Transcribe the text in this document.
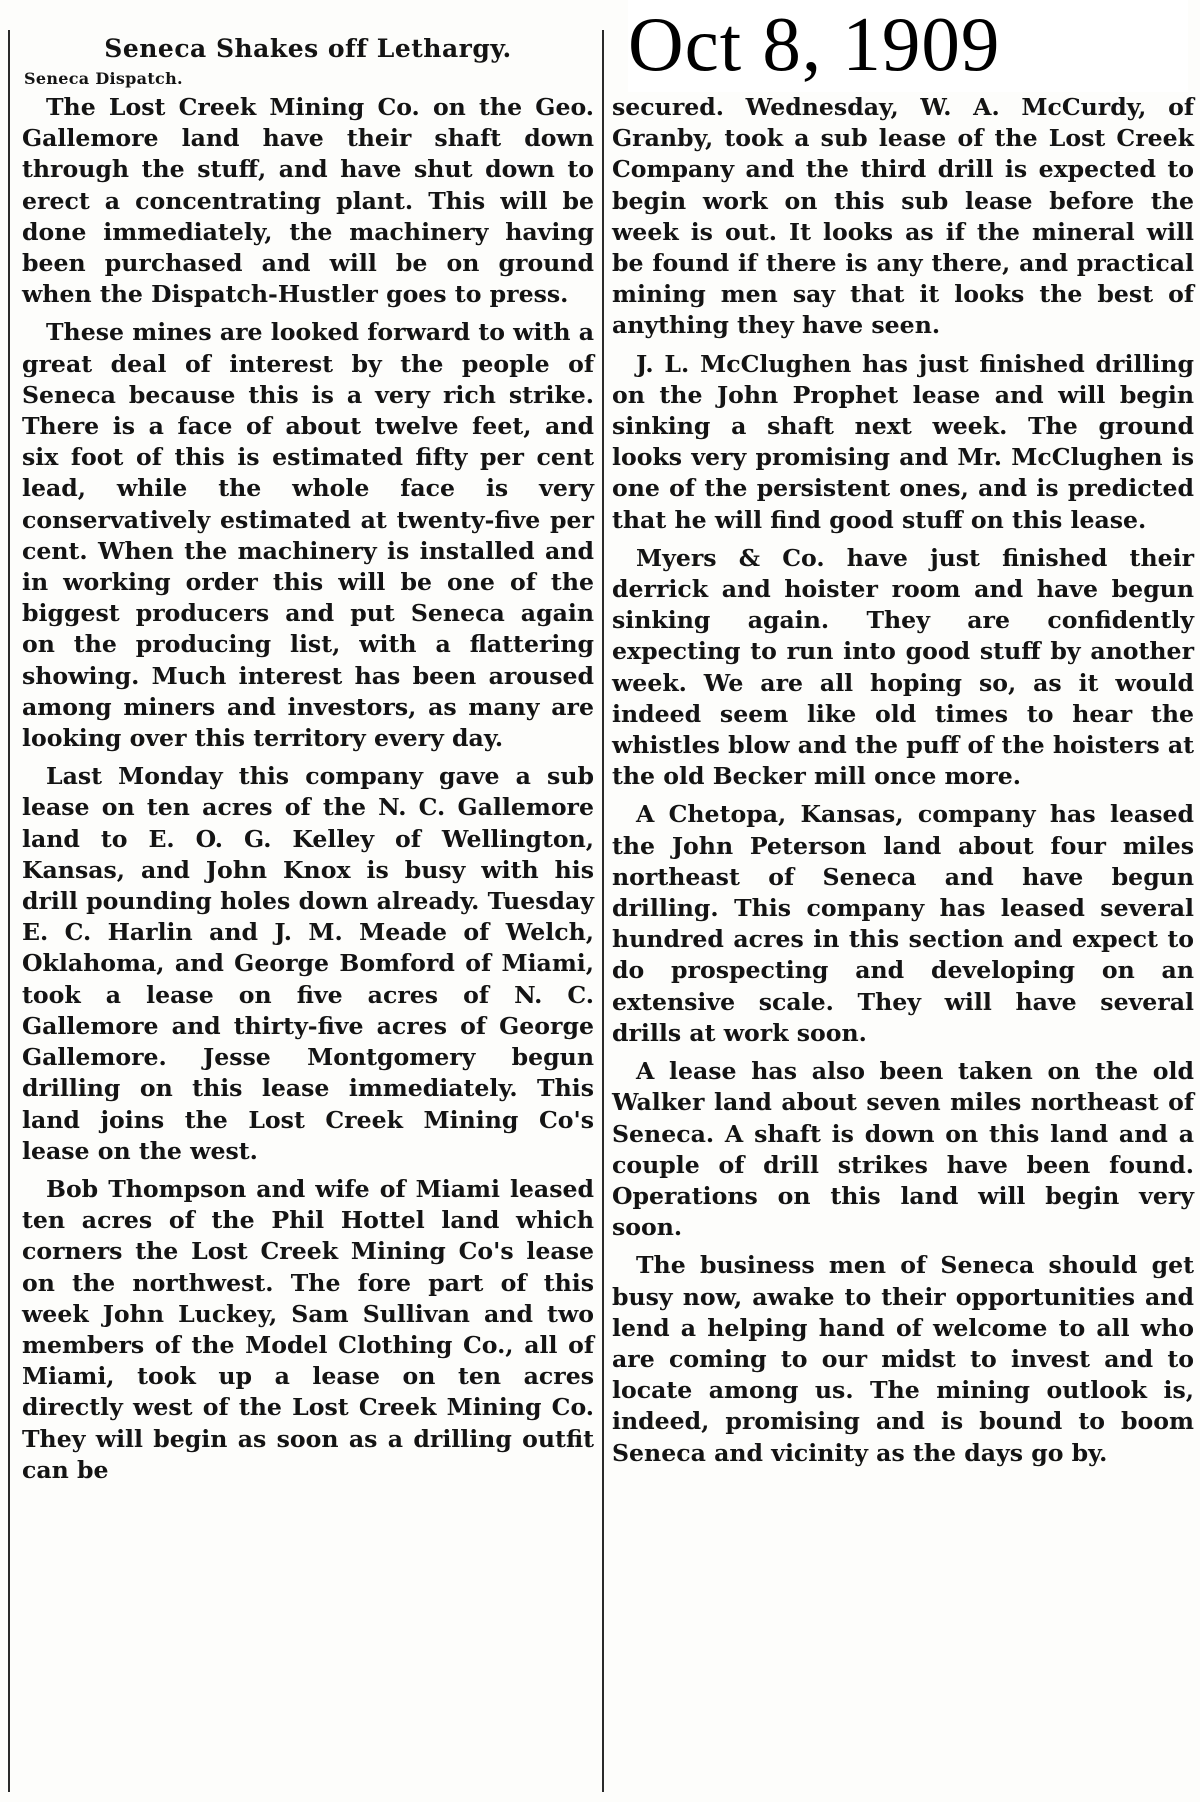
Oct 8, 1909
Seneca Shakes off Lethargy.
Seneca Dispatch.

The Lost Creek Mining Co. on the Geo. Gallemore land have their shaft down through the stuff, and have shut down to erect a concentrating plant. This will be done immediately, the machinery having been purchased and will be on ground when the Dispatch-Hustler goes to press.

These mines are looked forward to with a great deal of interest by the people of Seneca because this is a very rich strike. There is a face of about twelve feet, and six foot of this is estimated fifty per cent lead, while the whole face is very conservatively estimated at twenty-five per cent. When the machinery is installed and in working order this will be one of the biggest producers and put Seneca again on the producing list, with a flattering showing. Much interest has been aroused among miners and investors, as many are looking over this territory every day.

Last Monday this company gave a sub lease on ten acres of the N. C. Gallemore land to E. O. G. Kelley of Wellington, Kansas, and John Knox is busy with his drill pounding holes down already. Tuesday E. C. Harlin and J. M. Meade of Welch, Oklahoma, and George Bomford of Miami, took a lease on five acres of N. C. Gallemore and thirty-five acres of George Gallemore. Jesse Montgomery begun drilling on this lease immediately. This land joins the Lost Creek Mining Co's lease on the west.

Bob Thompson and wife of Miami leased ten acres of the Phil Hottel land which corners the Lost Creek Mining Co's lease on the northwest. The fore part of this week John Luckey, Sam Sullivan and two members of the Model Clothing Co., all of Miami, took up a lease on ten acres directly west of the Lost Creek Mining Co. They will begin as soon as a drilling outfit can be

secured. Wednesday, W. A. McCurdy, of Granby, took a sub lease of the Lost Creek Company and the third drill is expected to begin work on this sub lease before the week is out. It looks as if the mineral will be found if there is any there, and practical mining men say that it looks the best of anything they have seen.

J. L. McClughen has just finished drilling on the John Prophet lease and will begin sinking a shaft next week. The ground looks very promising and Mr. McClughen is one of the persistent ones, and is predicted that he will find good stuff on this lease.

Myers & Co. have just finished their derrick and hoister room and have begun sinking again. They are confidently expecting to run into good stuff by another week. We are all hoping so, as it would indeed seem like old times to hear the whistles blow and the puff of the hoisters at the old Becker mill once more.

A Chetopa, Kansas, company has leased the John Peterson land about four miles northeast of Seneca and have begun drilling. This company has leased several hundred acres in this section and expect to do prospecting and developing on an extensive scale. They will have several drills at work soon.

A lease has also been taken on the old Walker land about seven miles northeast of Seneca. A shaft is down on this land and a couple of drill strikes have been found. Operations on this land will begin very soon.

The business men of Seneca should get busy now, awake to their opportunities and lend a helping hand of welcome to all who are coming to our midst to invest and to locate among us. The mining outlook is, indeed, promising and is bound to boom Seneca and vicinity as the days go by.
